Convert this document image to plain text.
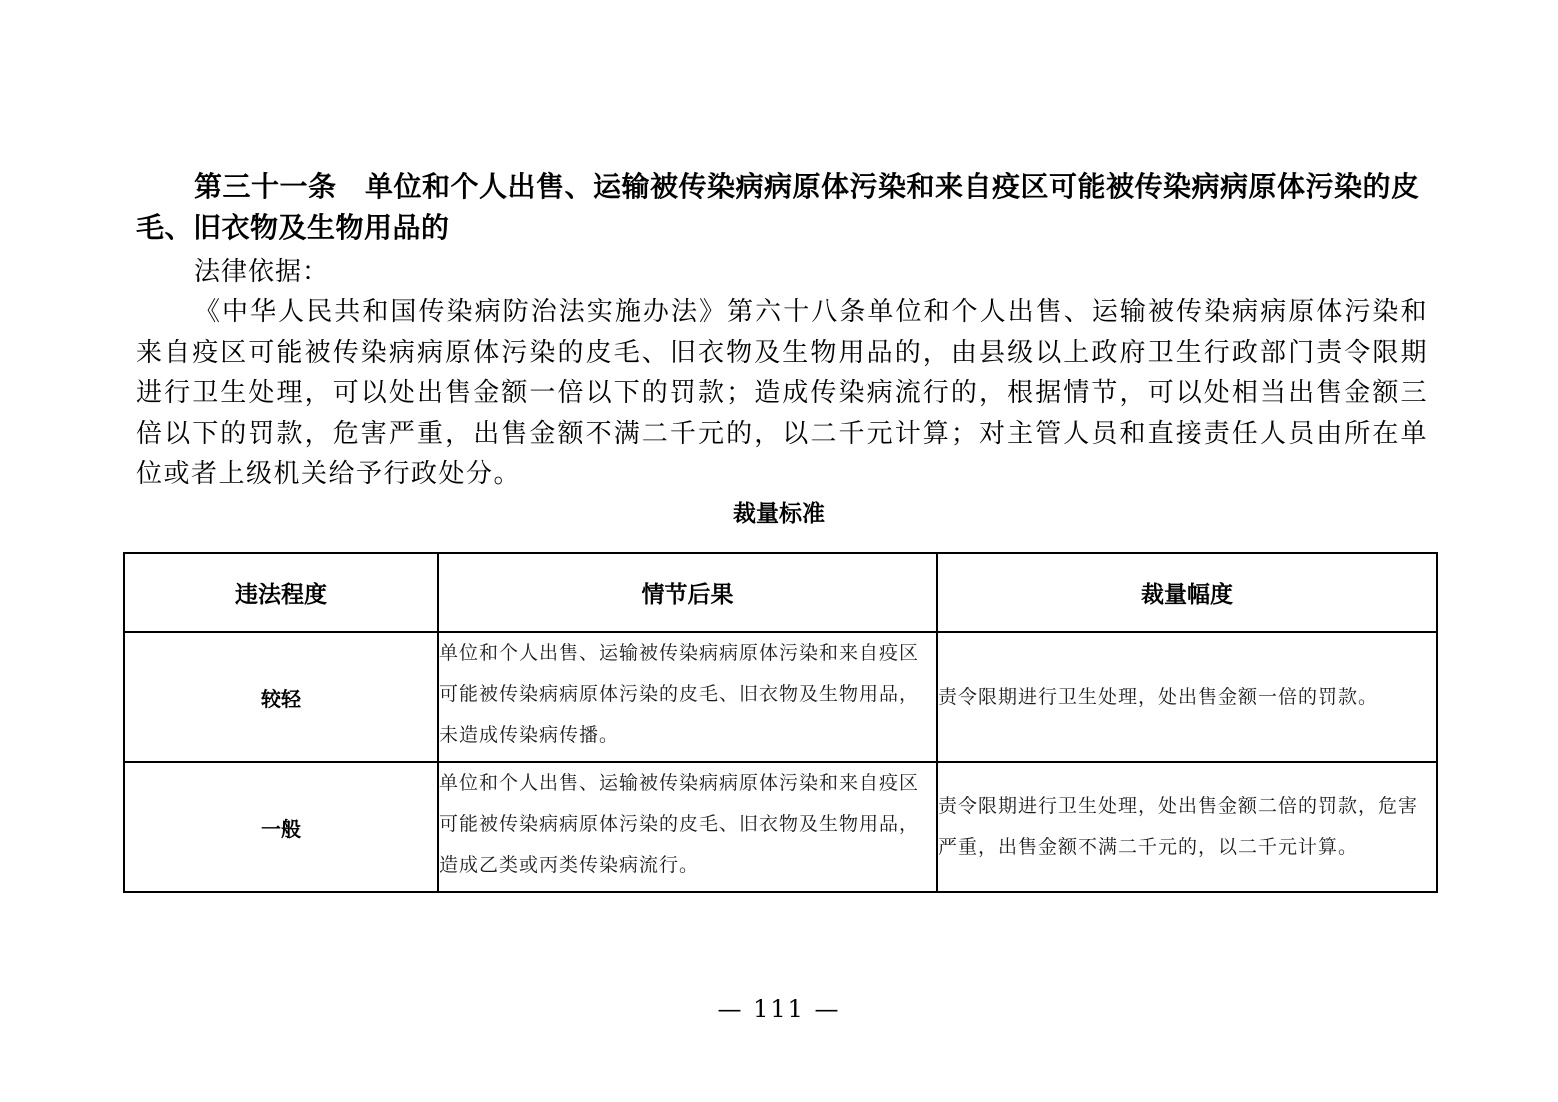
第三十一条　单位和个人出售、运输被传染病病原体污染和来自疫区可能被传染病病原体污染的皮毛、旧衣物及生物用品的
法律依据：
《中华人民共和国传染病防治法实施办法》第六十八条单位和个人出售、运输被传染病病原体污染和来自疫区可能被传染病病原体污染的皮毛、旧衣物及生物用品的，由县级以上政府卫生行政部门责令限期进行卫生处理，可以处出售金额一倍以下的罚款；造成传染病流行的，根据情节，可以处相当出售金额三倍以下的罚款，危害严重，出售金额不满二千元的，以二千元计算；对主管人员和直接责任人员由所在单位或者上级机关给予行政处分。
裁量标准
违法程度	情节后果	裁量幅度
较轻	单位和个人出售、运输被传染病病原体污染和来自疫区可能被传染病病原体污染的皮毛、旧衣物及生物用品，未造成传染病传播。	责令限期进行卫生处理，处出售金额一倍的罚款。
一般	单位和个人出售、运输被传染病病原体污染和来自疫区可能被传染病病原体污染的皮毛、旧衣物及生物用品，造成乙类或丙类传染病流行。	责令限期进行卫生处理，处出售金额二倍的罚款，危害严重，出售金额不满二千元的，以二千元计算。
— 111 —
